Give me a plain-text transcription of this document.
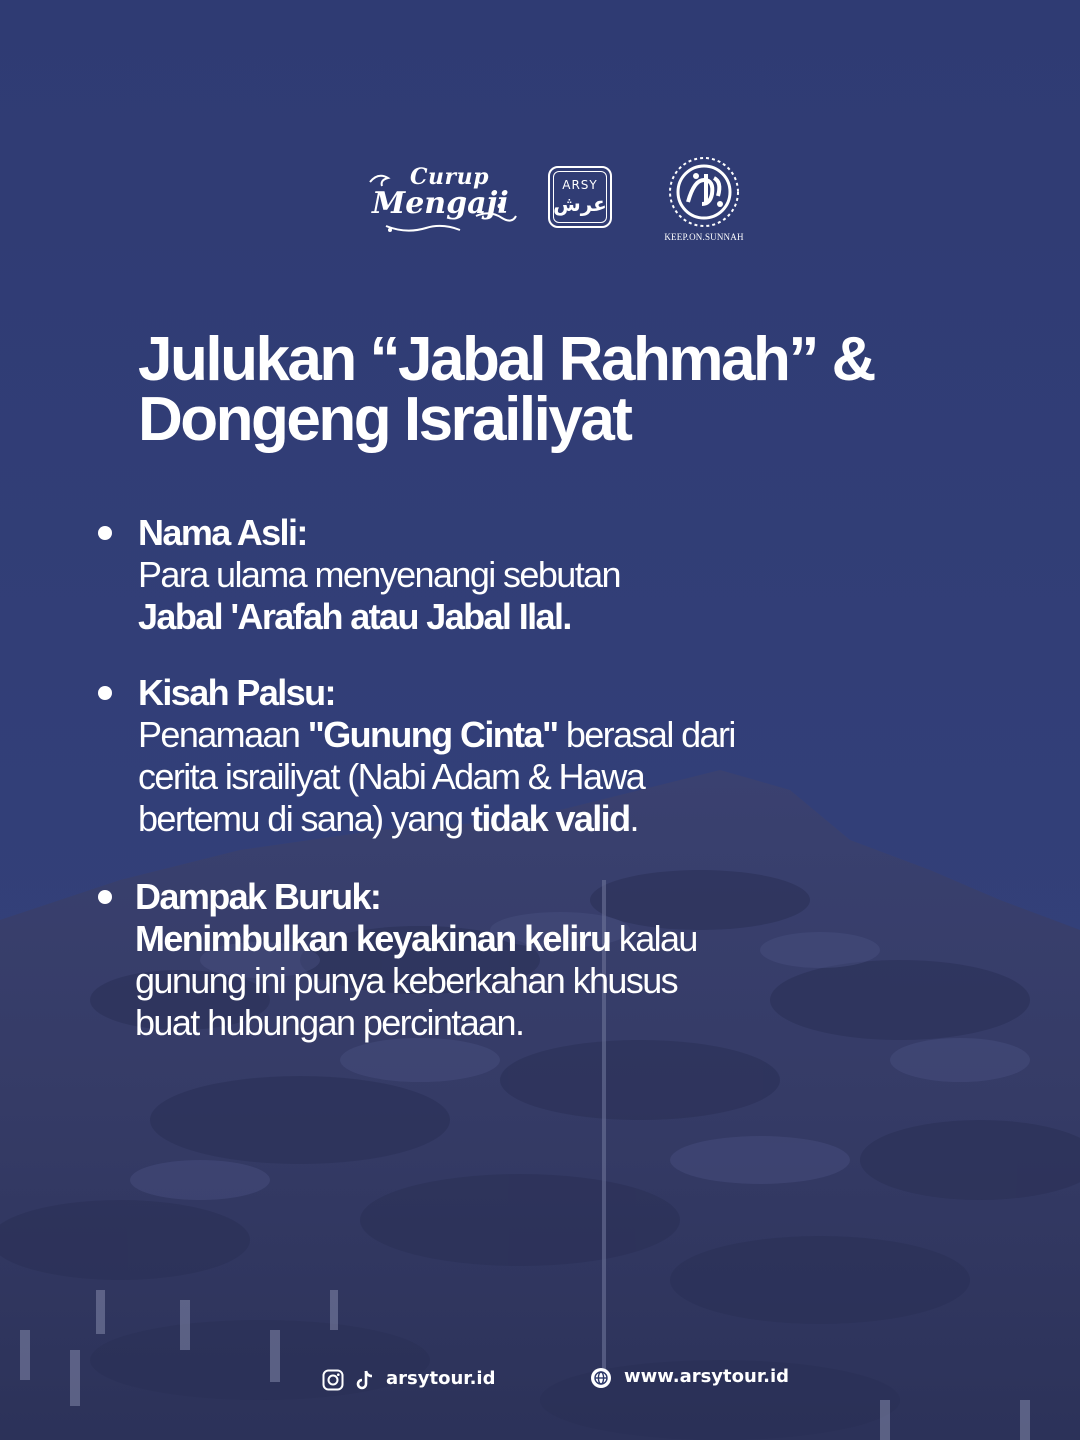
Curup
Mengaji
ARSY
عرش
KEEP.ON.SUNNAH
Julukan “Jabal Rahmah” &
Dongeng Israiliyat
Nama Asli:
Para ulama menyenangi sebutan
Jabal 'Arafah atau Jabal Ilal.
Kisah Palsu:
Penamaan "Gunung Cinta" berasal dari
cerita israiliyat (Nabi Adam & Hawa
bertemu di sana) yang tidak valid.
Dampak Buruk:
Menimbulkan keyakinan keliru kalau
gunung ini punya keberkahan khusus
buat hubungan percintaan.
arsytour.id	www.arsytour.id
